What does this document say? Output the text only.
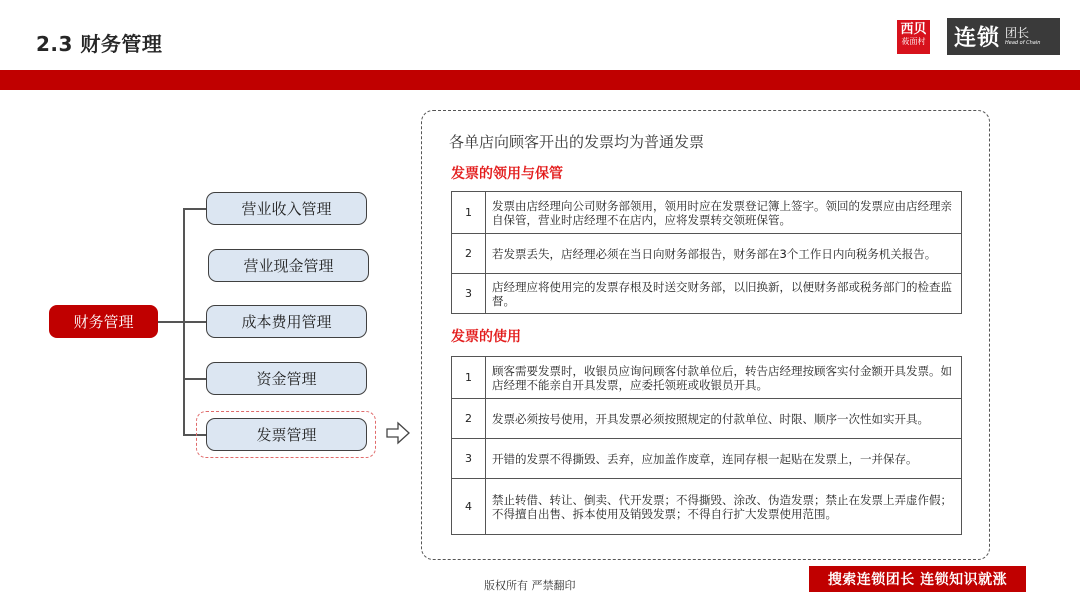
2.3 财务管理
西贝
莜面村 连锁 团长
Head of Chain
财务管理
营业收入管理
营业现金管理
成本费用管理
资金管理
发票管理
各单店向顾客开出的发票均为普通发票
发票的领用与保管
1	发票由店经理向公司财务部领用，领用时应在发票登记簿上签字。领回的发票应由店经理亲自保管，营业时店经理不在店内，应将发票转交领班保管。
2	若发票丢失，店经理必须在当日向财务部报告，财务部在3个工作日内向税务机关报告。
3	店经理应将使用完的发票存根及时送交财务部，以旧换新，以便财务部或税务部门的检查监督。
发票的使用
1	顾客需要发票时，收银员应询问顾客付款单位后，转告店经理按顾客实付金额开具发票。如店经理不能亲自开具发票，应委托领班或收银员开具。
2	发票必须按号使用，开具发票必须按照规定的付款单位、时限、顺序一次性如实开具。
3	开错的发票不得撕毁、丢弃，应加盖作废章，连同存根一起贴在发票上，一并保存。
4	禁止转借、转让、倒卖、代开发票；不得撕毁、涂改、伪造发票；禁止在发票上弄虚作假；不得擅自出售、拆本使用及销毁发票；不得自行扩大发票使用范围。
版权所有 严禁翻印	搜索连锁团长 连锁知识就涨
